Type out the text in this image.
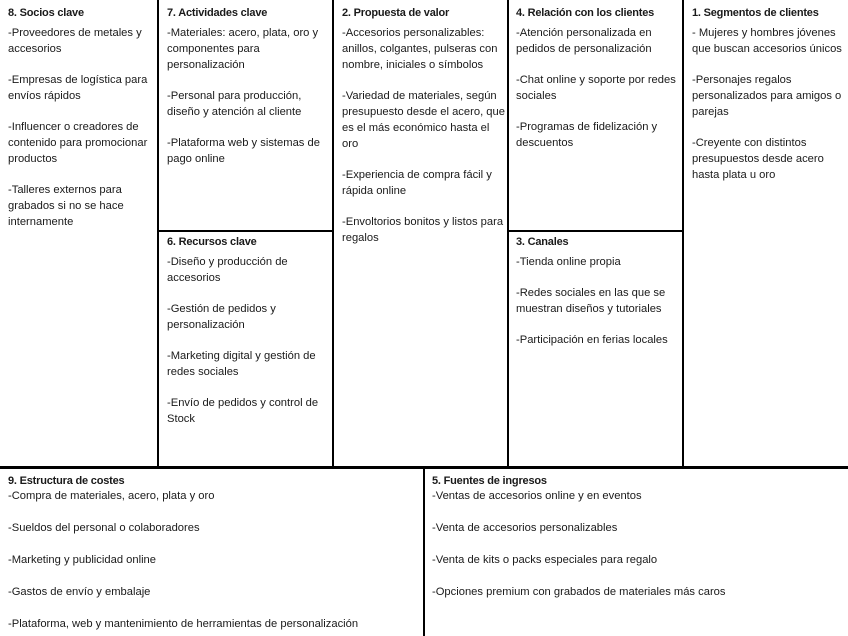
8. Socios clave
-Proveedores de metales y accesorios
-Empresas de logística para envíos rápidos
-Influencer o creadores de contenido para promocionar productos
-Talleres externos para grabados si no se hace internamente
7. Actividades clave
-Materiales: acero, plata, oro y componentes para personalización
-Personal para producción, diseño y atención al cliente
-Plataforma web y sistemas de pago online
6. Recursos clave
-Diseño y producción de accesorios
-Gestión de pedidos y personalización
-Marketing digital y gestión de redes sociales
-Envío de pedidos y control de Stock
2. Propuesta de valor
-Accesorios personalizables: anillos, colgantes, pulseras con nombre, iniciales o símbolos
-Variedad de materiales, según presupuesto desde el acero, que es el más económico hasta el oro
-Experiencia de compra fácil y rápida online
-Envoltorios bonitos y listos para regalos
4. Relación con los clientes
-Atención personalizada en pedidos de personalización
-Chat online y soporte por redes sociales
-Programas de fidelización y descuentos
3. Canales
-Tienda online propia
-Redes sociales en las que se muestran diseños y tutoriales
-Participación en ferias locales
1. Segmentos de clientes
- Mujeres y hombres jóvenes que buscan accesorios únicos
-Personajes regalos personalizados para amigos o parejas
-Creyente con distintos presupuestos desde acero hasta plata u oro
9. Estructura de costes
-Compra de materiales, acero, plata y oro
-Sueldos del personal o colaboradores
-Marketing y publicidad online
-Gastos de envío y embalaje
-Plataforma, web y mantenimiento de herramientas de personalización
5. Fuentes de ingresos
-Ventas de accesorios online y en eventos
-Venta de accesorios personalizables
-Venta de kits o packs especiales para regalo
-Opciones premium con grabados de materiales más caros
